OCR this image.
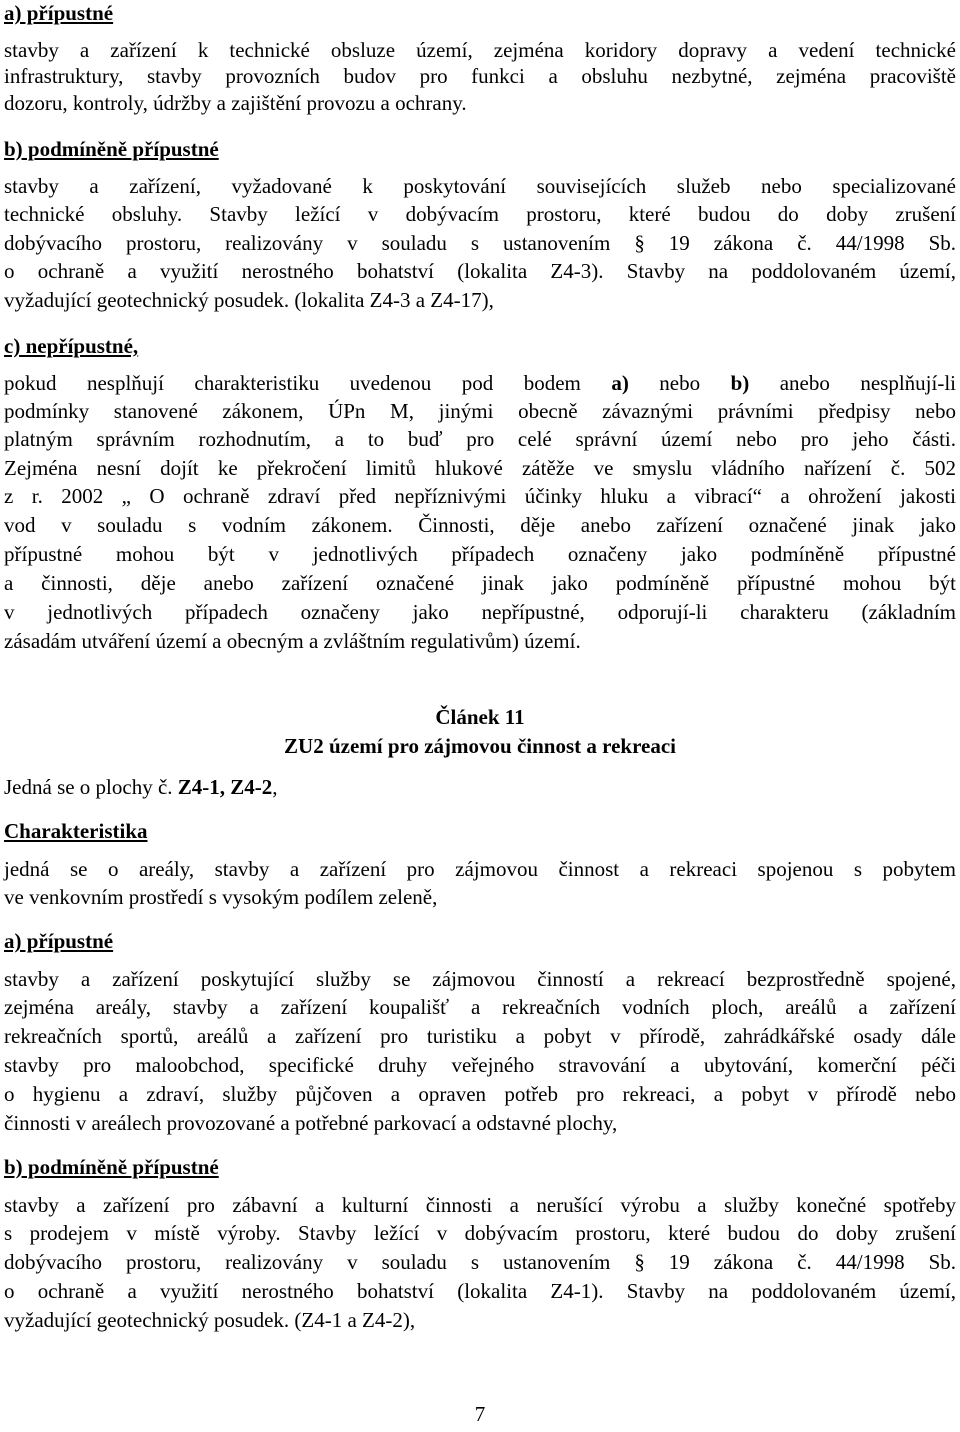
a) přípustné
stavby a zařízení k technické obsluze území, zejména koridory dopravy a vedení technické
infrastruktury, stavby provozních budov pro funkci a obsluhu nezbytné, zejména pracoviště
dozoru, kontroly, údržby a zajištění provozu a ochrany.
b) podmíněně přípustné
stavby a zařízení, vyžadované k poskytování souvisejících služeb nebo specializované
technické obsluhy. Stavby ležící v dobývacím prostoru, které budou do doby zrušení
dobývacího prostoru, realizovány v souladu s ustanovením § 19 zákona č. 44/1998 Sb.
o ochraně a využití nerostného bohatství (lokalita Z4-3). Stavby na poddolovaném území,
vyžadující geotechnický posudek. (lokalita Z4-3 a Z4-17),
c) nepřípustné,
pokud nesplňují charakteristiku uvedenou pod bodem a) nebo b) anebo nesplňují-li
podmínky stanovené zákonem, ÚPn M, jinými obecně závaznými právními předpisy nebo
platným správním rozhodnutím, a to buď pro celé správní území nebo pro jeho části.
Zejména nesní dojít ke překročení limitů hlukové zátěže ve smyslu vládního nařízení č. 502
z r. 2002 „ O ochraně zdraví před nepříznivými účinky hluku a vibrací“ a ohrožení jakosti
vod v souladu s vodním zákonem. Činnosti, děje anebo zařízení označené jinak jako
přípustné mohou být v jednotlivých případech označeny jako podmíněně přípustné
a činnosti, děje anebo zařízení označené jinak jako podmíněně přípustné mohou být
v jednotlivých případech označeny jako nepřípustné, odporují-li charakteru (základním
zásadám utváření území a obecným a zvláštním regulativům) území.
Článek 11
ZU2 území pro zájmovou činnost a rekreaci
Jedná se o plochy č. Z4-1, Z4-2,
Charakteristika
jedná se o areály, stavby a zařízení pro zájmovou činnost a rekreaci spojenou s pobytem
ve venkovním prostředí s vysokým podílem zeleně,
a) přípustné
stavby a zařízení poskytující služby se zájmovou činností a rekreací bezprostředně spojené,
zejména areály, stavby a zařízení koupališť a rekreačních vodních ploch, areálů a zařízení
rekreačních sportů, areálů a zařízení pro turistiku a pobyt v přírodě, zahrádkářské osady dále
stavby pro maloobchod, specifické druhy veřejného stravování a ubytování, komerční péči
o hygienu a zdraví, služby půjčoven a opraven potřeb pro rekreaci, a pobyt v přírodě nebo
činnosti v areálech provozované a potřebné parkovací a odstavné plochy,
b) podmíněně přípustné
stavby a zařízení pro zábavní a kulturní činnosti a nerušící výrobu a služby konečné spotřeby
s prodejem v místě výroby. Stavby ležící v dobývacím prostoru, které budou do doby zrušení
dobývacího prostoru, realizovány v souladu s ustanovením § 19 zákona č. 44/1998 Sb.
o ochraně a využití nerostného bohatství (lokalita Z4-1). Stavby na poddolovaném území,
vyžadující geotechnický posudek. (Z4-1 a Z4-2),
7
